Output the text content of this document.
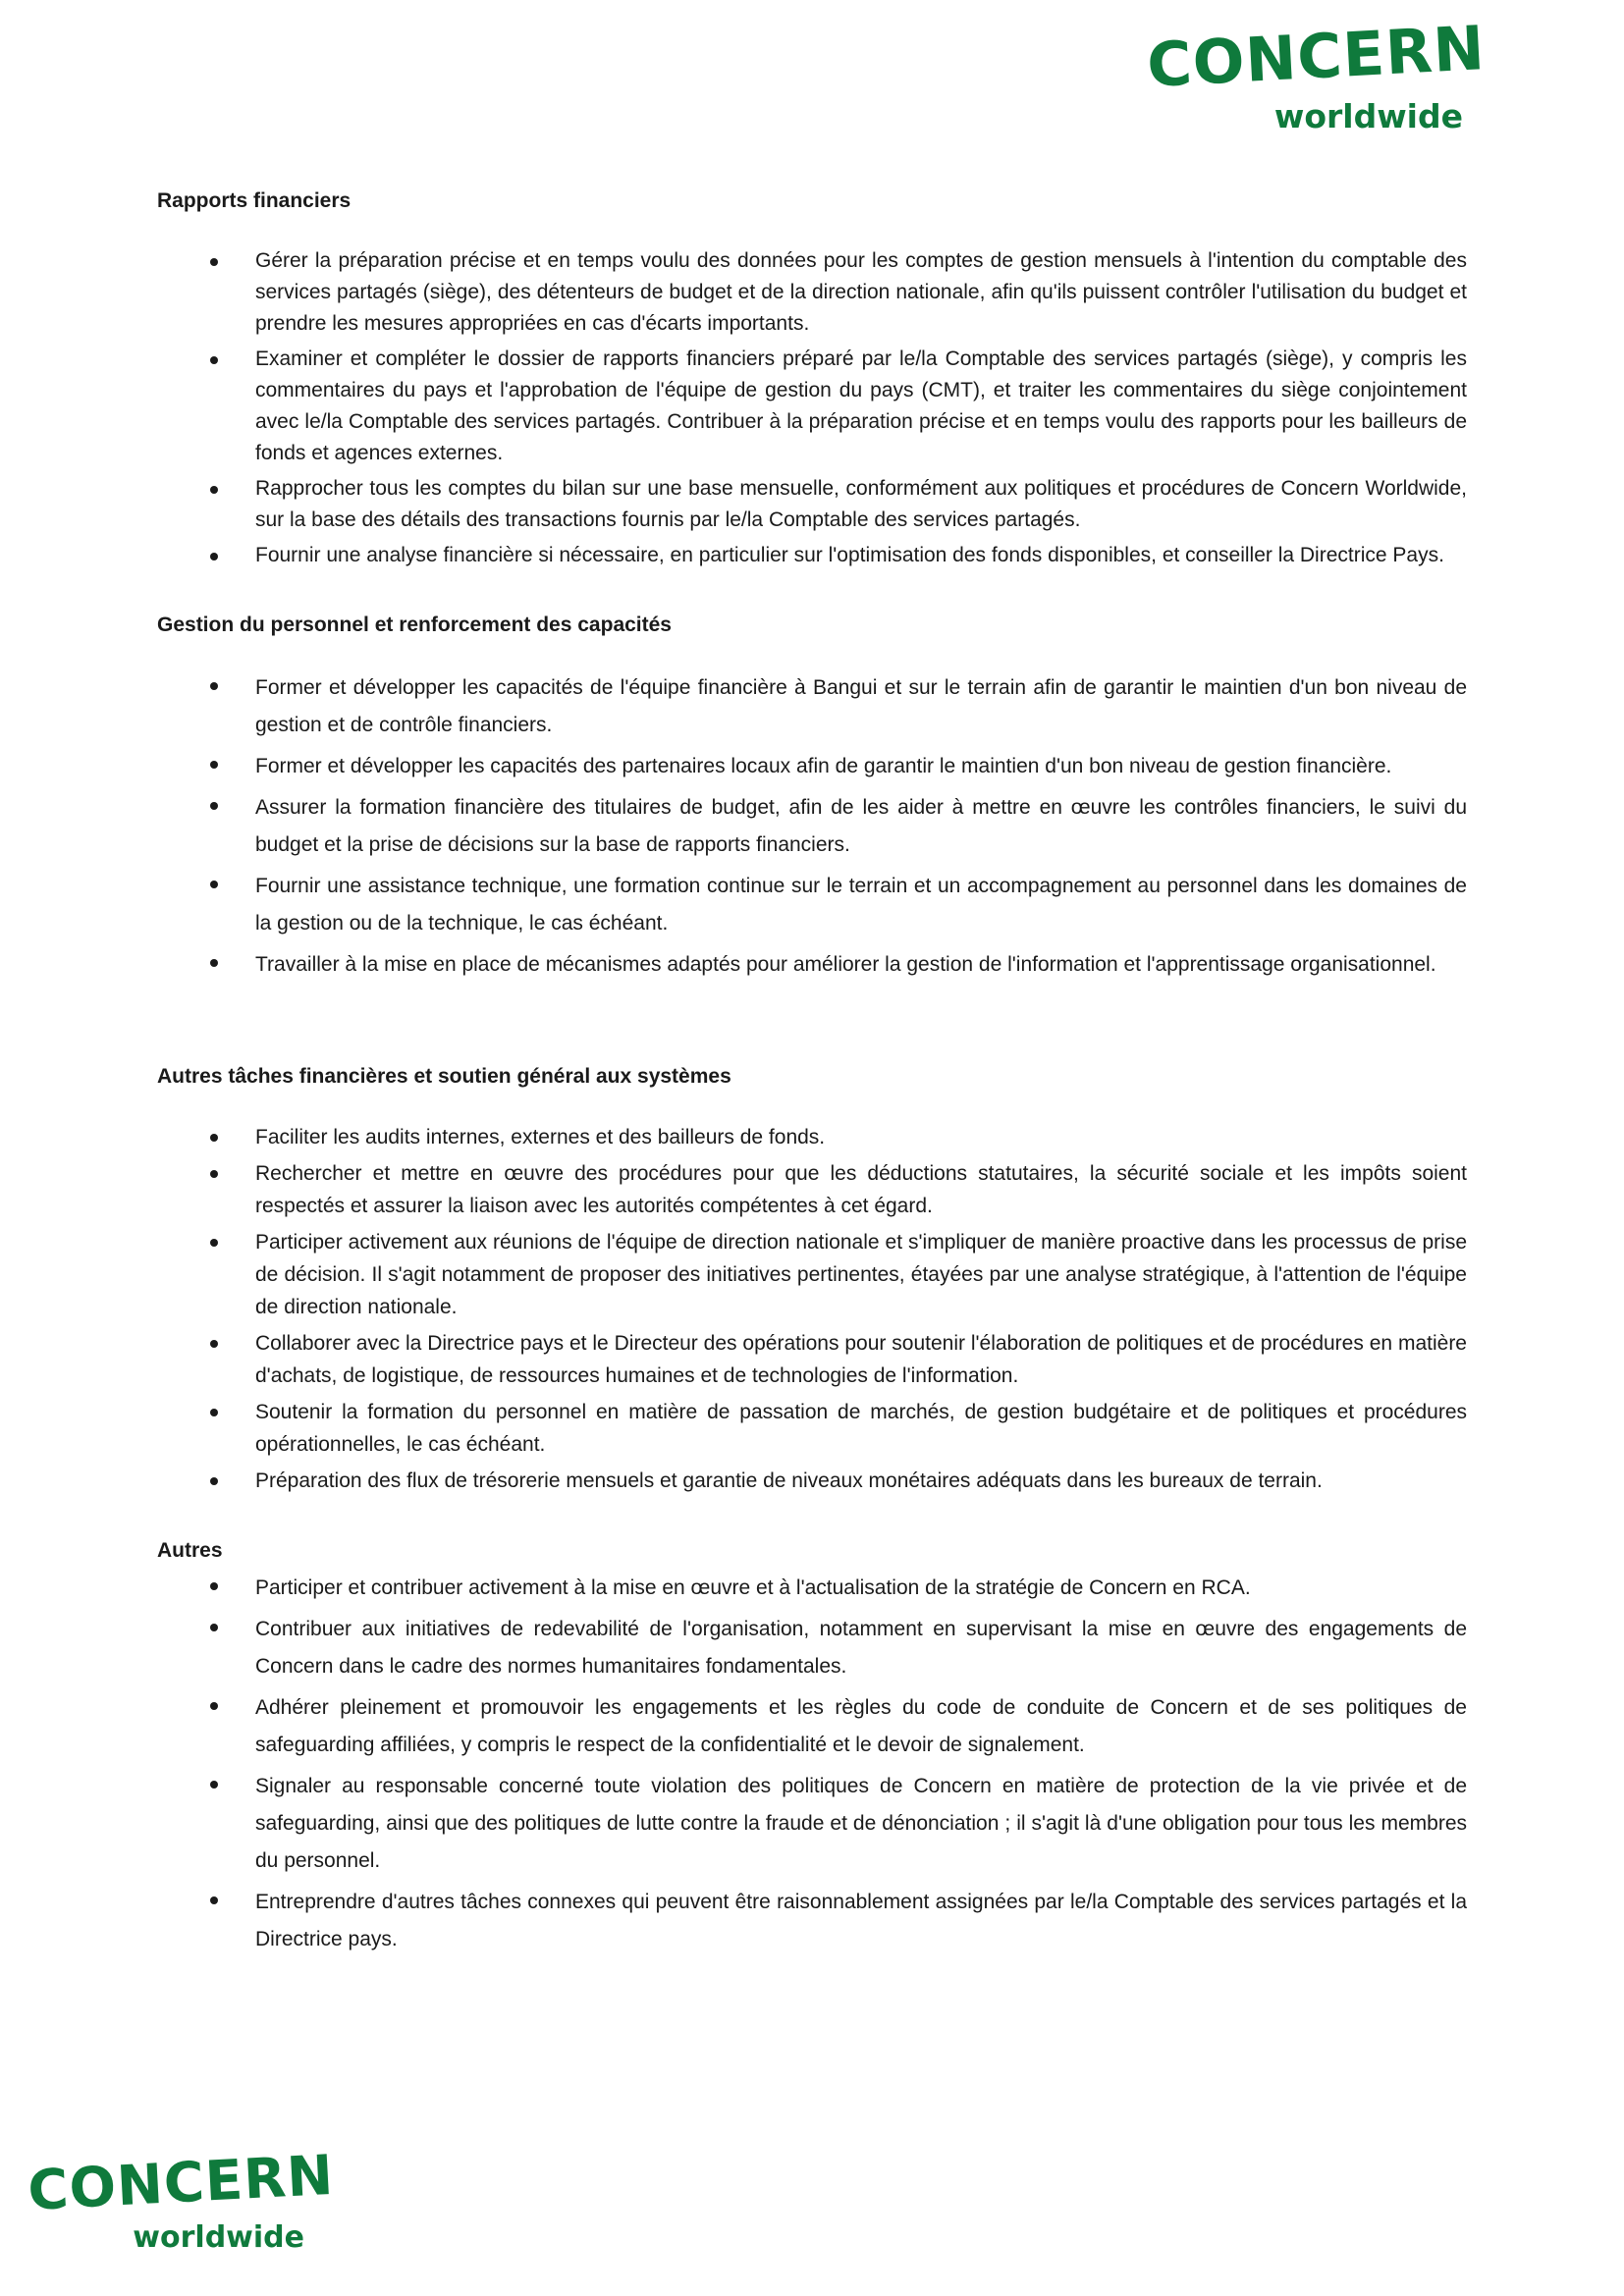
CONCERN
worldwide

Rapports financiers

Gérer la préparation précise et en temps voulu des données pour les comptes de gestion mensuels à l'intention du comptable des services partagés (siège), des détenteurs de budget et de la direction nationale, afin qu'ils puissent contrôler l'utilisation du budget et prendre les mesures appropriées en cas d'écarts importants.
Examiner et compléter le dossier de rapports financiers préparé par le/la Comptable des services partagés (siège), y compris les commentaires du pays et l'approbation de l'équipe de gestion du pays (CMT), et traiter les commentaires du siège conjointement avec le/la Comptable des services partagés. Contribuer à la préparation précise et en temps voulu des rapports pour les bailleurs de fonds et agences externes.
Rapprocher tous les comptes du bilan sur une base mensuelle, conformément aux politiques et procédures de Concern Worldwide, sur la base des détails des transactions fournis par le/la Comptable des services partagés.
Fournir une analyse financière si nécessaire, en particulier sur l'optimisation des fonds disponibles, et conseiller la Directrice Pays.

Gestion du personnel et renforcement des capacités

Former et développer les capacités de l'équipe financière à Bangui et sur le terrain afin de garantir le maintien d'un bon niveau de gestion et de contrôle financiers.
Former et développer les capacités des partenaires locaux afin de garantir le maintien d'un bon niveau de gestion financière.
Assurer la formation financière des titulaires de budget, afin de les aider à mettre en œuvre les contrôles financiers, le suivi du budget et la prise de décisions sur la base de rapports financiers.
Fournir une assistance technique, une formation continue sur le terrain et un accompagnement au personnel dans les domaines de la gestion ou de la technique, le cas échéant.
Travailler à la mise en place de mécanismes adaptés pour améliorer la gestion de l'information et l'apprentissage organisationnel.

Autres tâches financières et soutien général aux systèmes

Faciliter les audits internes, externes et des bailleurs de fonds.
Rechercher et mettre en œuvre des procédures pour que les déductions statutaires, la sécurité sociale et les impôts soient respectés et assurer la liaison avec les autorités compétentes à cet égard.
Participer activement aux réunions de l'équipe de direction nationale et s'impliquer de manière proactive dans les processus de prise de décision. Il s'agit notamment de proposer des initiatives pertinentes, étayées par une analyse stratégique, à l'attention de l'équipe de direction nationale.
Collaborer avec la Directrice pays et le Directeur des opérations pour soutenir l'élaboration de politiques et de procédures en matière d'achats, de logistique, de ressources humaines et de technologies de l'information.
Soutenir la formation du personnel en matière de passation de marchés, de gestion budgétaire et de politiques et procédures opérationnelles, le cas échéant.
Préparation des flux de trésorerie mensuels et garantie de niveaux monétaires adéquats dans les bureaux de terrain.

Autres

Participer et contribuer activement à la mise en œuvre et à l'actualisation de la stratégie de Concern en RCA.
Contribuer aux initiatives de redevabilité de l'organisation, notamment en supervisant la mise en œuvre des engagements de Concern dans le cadre des normes humanitaires fondamentales.
Adhérer pleinement et promouvoir les engagements et les règles du code de conduite de Concern et de ses politiques de safeguarding affiliées, y compris le respect de la confidentialité et le devoir de signalement.
Signaler au responsable concerné toute violation des politiques de Concern en matière de protection de la vie privée et de safeguarding, ainsi que des politiques de lutte contre la fraude et de dénonciation ; il s'agit là d'une obligation pour tous les membres du personnel.
Entreprendre d'autres tâches connexes qui peuvent être raisonnablement assignées par le/la Comptable des services partagés et la Directrice pays.
CONCERN
worldwide
